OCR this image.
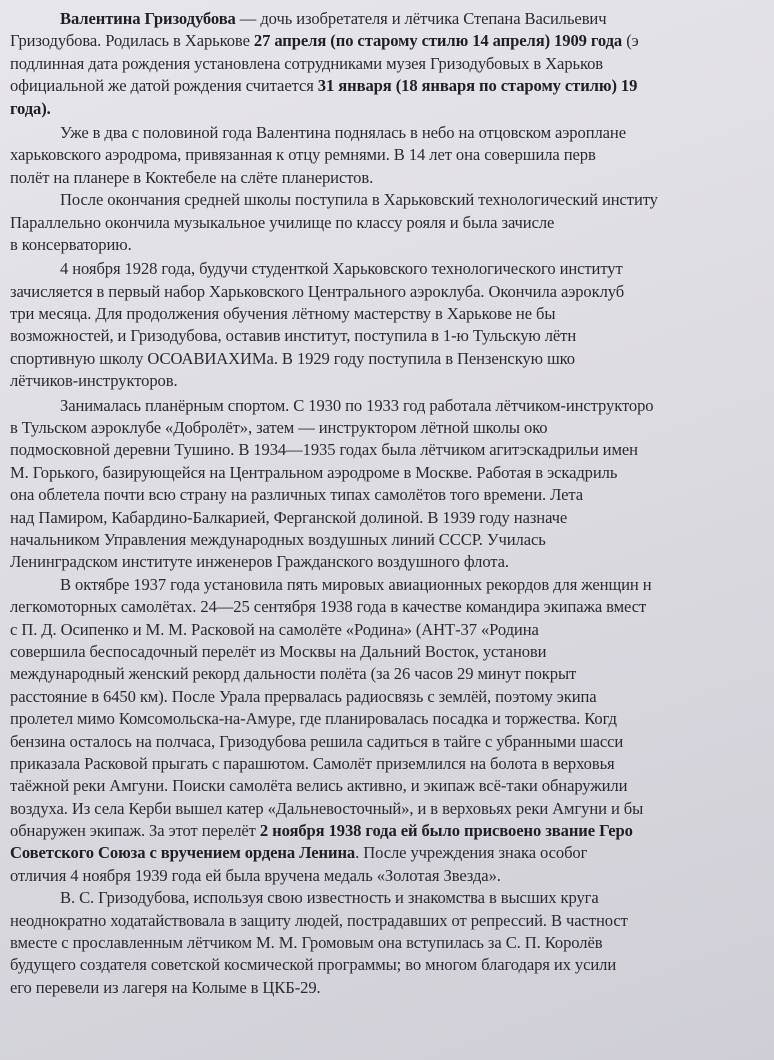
Валентина Гризодубова — дочь изобретателя и лётчика Степана Васильевич
Гризодубова. Родилась в Харькове 27 апреля (по старому стилю 14 апреля) 1909 года (э
подлинная дата рождения установлена сотрудниками музея Гризодубовых в Харьков
официальной же датой рождения считается 31 января (18 января по старому стилю) 19
года).
Уже в два с половиной года Валентина поднялась в небо на отцовском аэроплане
харьковского аэродрома, привязанная к отцу ремнями. В 14 лет она совершила перв
полёт на планере в Коктебеле на слёте планеристов.
После окончания средней школы поступила в Харьковский технологический институ
Параллельно окончила музыкальное училище по классу рояля и была зачисле
в консерваторию.
4 ноября 1928 года, будучи студенткой Харьковского технологического институт
зачисляется в первый набор Харьковского Центрального аэроклуба. Окончила аэроклуб
три месяца. Для продолжения обучения лётному мастерству в Харькове не бы
возможностей, и Гризодубова, оставив институт, поступила в 1-ю Тульскую лётн
спортивную школу ОСОАВИАХИМа. В 1929 году поступила в Пензенскую шко
лётчиков-инструкторов.
Занималась планёрным спортом. С 1930 по 1933 год работала лётчиком-инструкторо
в Тульском аэроклубе «Добролёт», затем — инструктором лётной школы око
подмосковной деревни Тушино. В 1934—1935 годах была лётчиком агитэскадрильи имен
М. Горького, базирующейся на Центральном аэродроме в Москве. Работая в эскадриль
она облетела почти всю страну на различных типах самолётов того времени. Лета
над Памиром, Кабардино-Балкарией, Ферганской долиной. В 1939 году назначе
начальником Управления международных воздушных линий СССР. Училась
Ленинградском институте инженеров Гражданского воздушного флота.
В октябре 1937 года установила пять мировых авиационных рекордов для женщин н
легкомоторных самолётах. 24—25 сентября 1938 года в качестве командира экипажа вмест
с П. Д. Осипенко и М. М. Расковой на самолёте «Родина» (АНТ-37 «Родина
совершила беспосадочный перелёт из Москвы на Дальний Восток, установи
международный женский рекорд дальности полёта (за 26 часов 29 минут покрыт
расстояние в 6450 км). После Урала прервалась радиосвязь с землёй, поэтому экипа
пролетел мимо Комсомольска-на-Амуре, где планировалась посадка и торжества. Когд
бензина осталось на полчаса, Гризодубова решила садиться в тайге с убранными шасси
приказала Расковой прыгать с парашютом. Самолёт приземлился на болота в верховья
таёжной реки Амгуни. Поиски самолёта велись активно, и экипаж всё-таки обнаружили
воздуха. Из села Керби вышел катер «Дальневосточный», и в верховьях реки Амгуни и бы
обнаружен экипаж. За этот перелёт 2 ноября 1938 года ей было присвоено звание Геро
Советского Союза с вручением ордена Ленина. После учреждения знака особог
отличия 4 ноября 1939 года ей была вручена медаль «Золотая Звезда».
В. С. Гризодубова, используя свою известность и знакомства в высших круга
неоднократно ходатайствовала в защиту людей, пострадавших от репрессий. В частност
вместе с прославленным лётчиком М. М. Громовым она вступилась за С. П. Королёв
будущего создателя советской космической программы; во многом благодаря их усили
его перевели из лагеря на Колыме в ЦКБ-29.
